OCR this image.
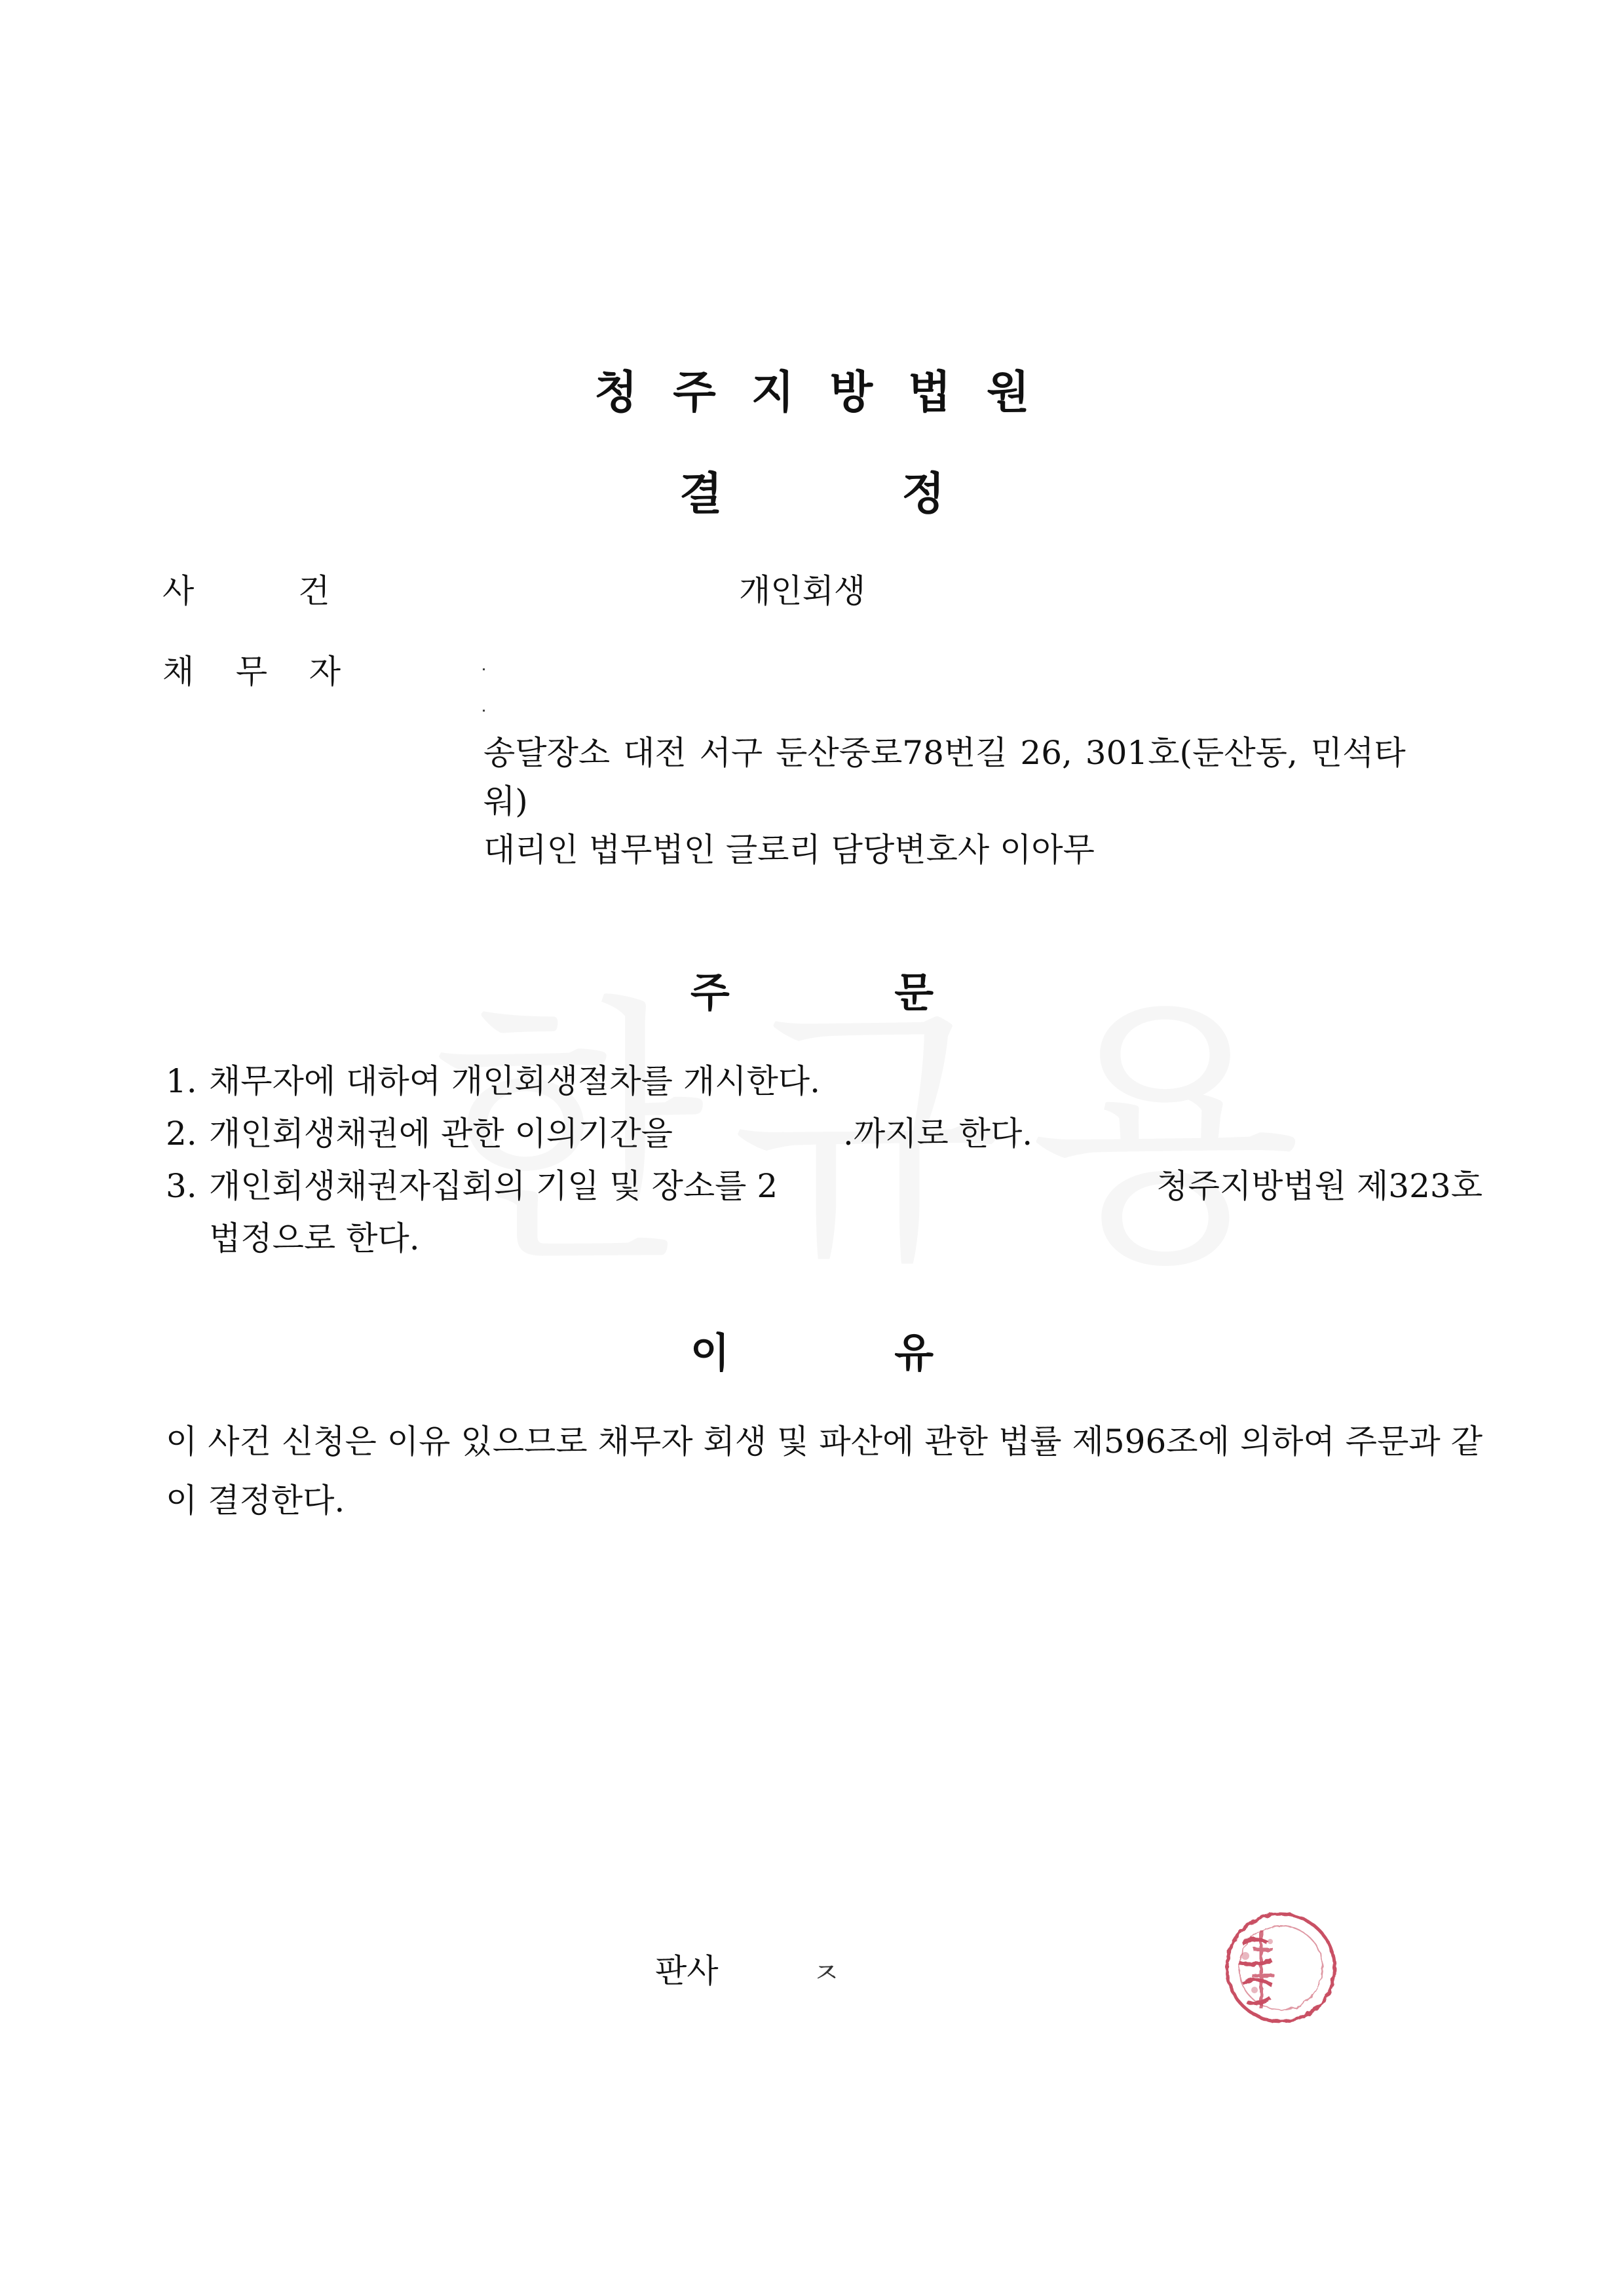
청주지방법원
결 정
사          건	개인회생
채    무    자
송달장소 대전 서구 둔산중로78번길 26, 301호(둔산동, 민석타
워)
대리인 법무법인 글로리 담당변호사 이아무
주 문
1. 채무자에 대하여 개인회생절차를 개시한다.
2. 개인회생채권에 관한 이의기간을	.까지로 한다.
3. 개인회생채권자집회의 기일 및 장소를 2	청주지방법원 제323호
법정으로 한다.
이 유
이 사건 신청은 이유 있으므로 채무자 회생 및 파산에 관한 법률 제596조에 의하여 주문과 같이 결정한다.
판사	ㅈ
